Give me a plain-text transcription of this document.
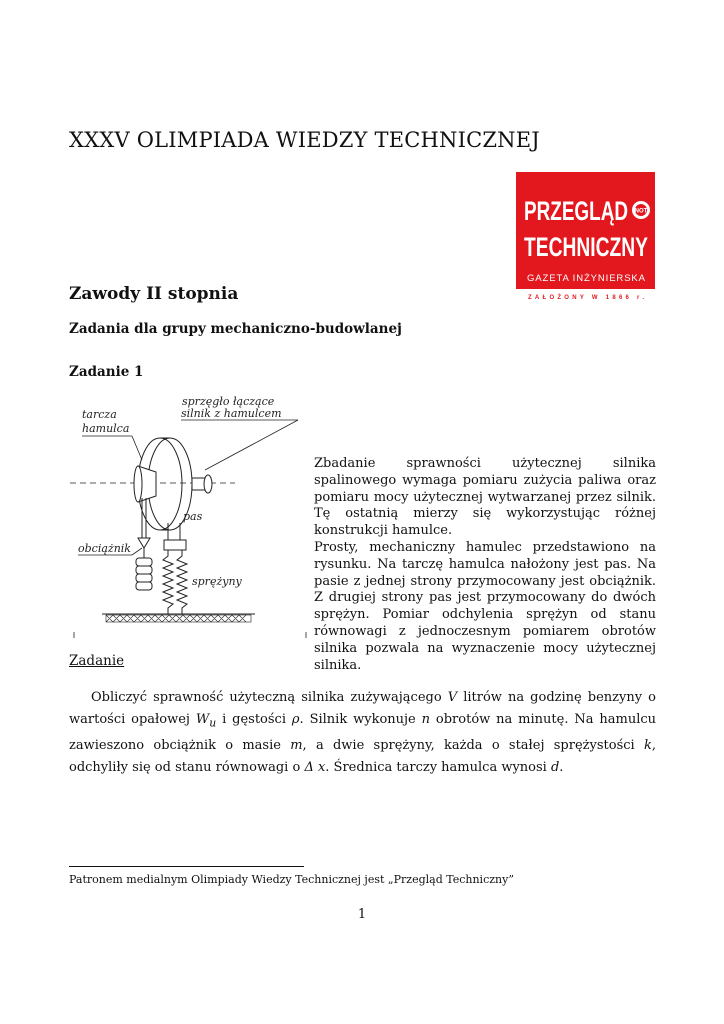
XXXV OLIMPIADA WIEDZY TECHNICZNEJ
PRZEGLĄD NOT
TECHNICZNY
GAZETA INŻYNIERSKA
ZAŁOŻONY W 1866 r.
Zawody II stopnia
Zadania dla grupy mechaniczno-budowlanej
Zadanie 1
sprzęgło łączące
silnik z hamulcem
tarcza
hamulca
pas
obciążnik
sprężyny

Zbadanie sprawności użytecznej silnika spalinowego wymaga pomiaru zużycia paliwa oraz pomiaru mocy użytecznej wytwarzanej przez silnik. Tę ostatnią mierzy się wykorzystując różnej konstrukcji hamulce.

Prosty, mechaniczny hamulec przedstawiono na rysunku. Na tarczę hamulca nałożony jest pas. Na pasie z jednej strony przymocowany jest obciążnik. Z drugiej strony pas jest przymocowany do dwóch sprężyn. Pomiar odchylenia sprężyn od stanu równowagi z jednoczesnym pomiarem obrotów silnika pozwala na wyznaczenie mocy użytecznej silnika.

Zadanie

Obliczyć sprawność użyteczną silnika zużywającego V litrów na godzinę benzyny o wartości opałowej $W_u$ i gęstości ρ. Silnik wykonuje n obrotów na minutę. Na hamulcu zawieszono obciążnik o masie m, a dwie sprężyny, każda o stałej sprężystości k, odchyliły się od stanu równowagi o Δ x. Średnica tarczy hamulca wynosi d.

Patronem medialnym Olimpiady Wiedzy Technicznej jest „Przegląd Techniczny”
1
